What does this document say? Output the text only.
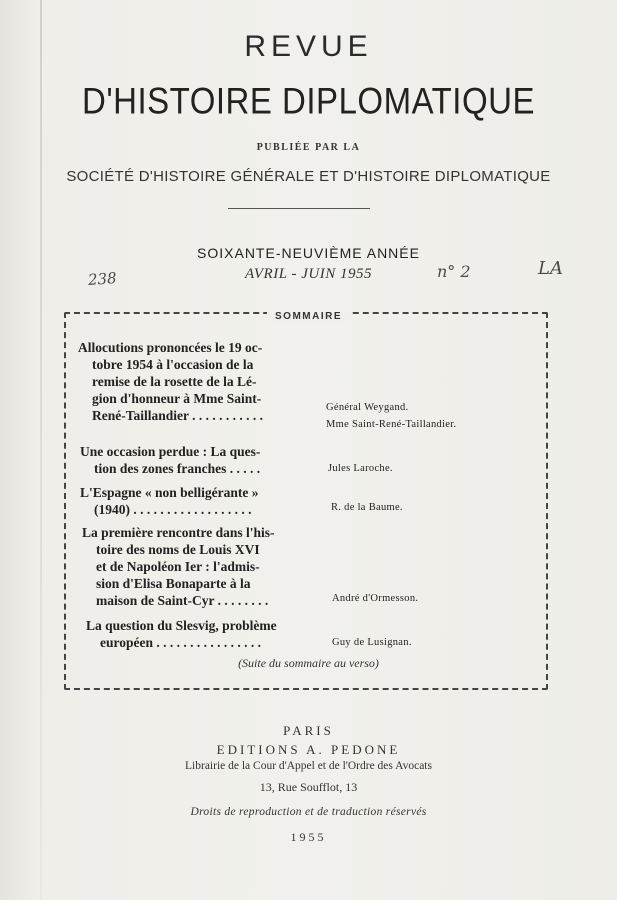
REVUE
D'HISTOIRE DIPLOMATIQUE
PUBLIÉE PAR LA
SOCIÉTÉ D'HISTOIRE GÉNÉRALE ET D'HISTOIRE DIPLOMATIQUE
SOIXANTE-NEUVIÈME ANNÉE
AVRIL - JUIN 1955
238	n° 2	LA
SOMMAIRE
Allocutions prononcées le 19 oc-
tobre 1954 à l'occasion de la
remise de la rosette de la Lé-
gion d'honneur à Mme Saint-
René-Taillandier . . . . . . . . . . .
Général Weygand.
Mme Saint-René-Taillandier.
Une occasion perdue : La ques-
tion des zones franches . . . . .	Jules Laroche.
L'Espagne « non belligérante »
(1940) . . . . . . . . . . . . . . . . . .	R. de la Baume.
La première rencontre dans l'his-
toire des noms de Louis XVI
et de Napoléon Ier : l'admis-
sion d'Elisa Bonaparte à la
maison de Saint-Cyr . . . . . . . .	André d'Ormesson.
La question du Slesvig, problème
européen . . . . . . . . . . . . . . . .	Guy de Lusignan.
(Suite du sommaire au verso)
PARIS
EDITIONS A. PEDONE
Librairie de la Cour d'Appel et de l'Ordre des Avocats
13, Rue Soufflot, 13
Droits de reproduction et de traduction réservés
1955
